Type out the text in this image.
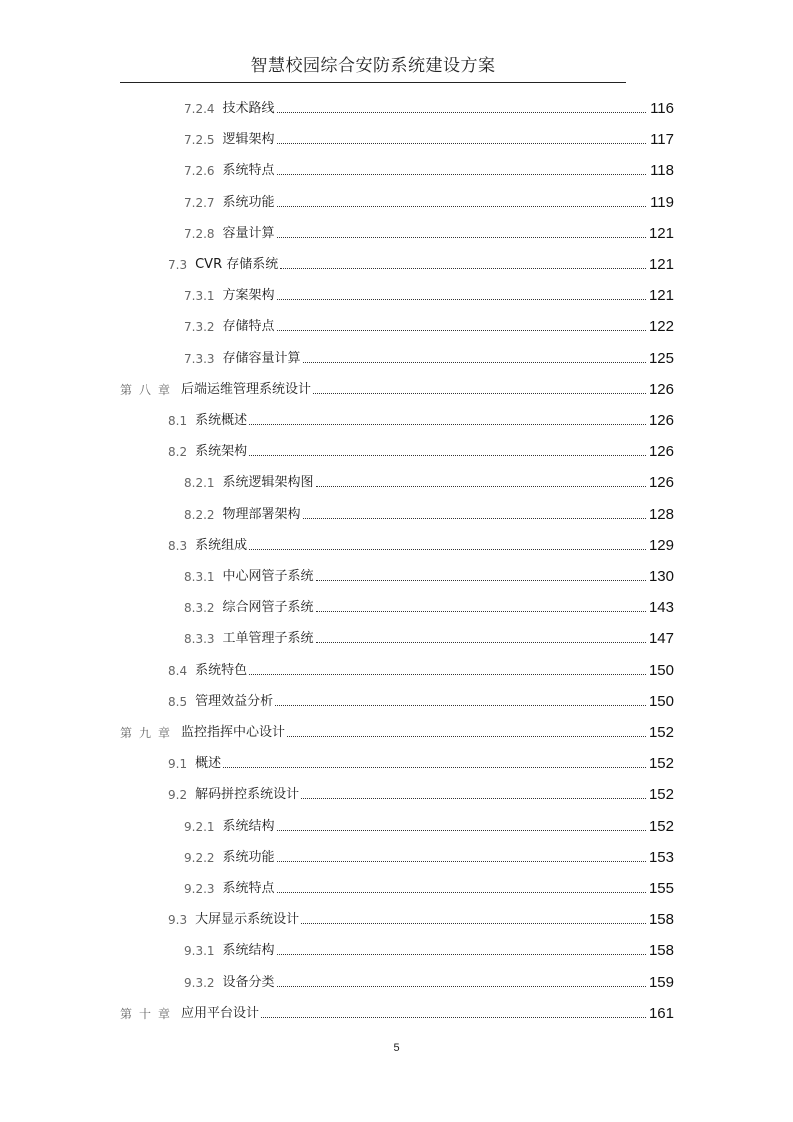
智慧校园综合安防系统建设方案
7.2.4 技术路线	116
7.2.5 逻辑架构	117
7.2.6 系统特点	118
7.2.7 系统功能	119
7.2.8 容量计算	121
7.3 CVR 存储系统	121
7.3.1 方案架构	121
7.3.2 存储特点	122
7.3.3 存储容量计算	125
第八章 后端运维管理系统设计	126
8.1 系统概述	126
8.2 系统架构	126
8.2.1 系统逻辑架构图	126
8.2.2 物理部署架构	128
8.3 系统组成	129
8.3.1 中心网管子系统	130
8.3.2 综合网管子系统	143
8.3.3 工单管理子系统	147
8.4 系统特色	150
8.5 管理效益分析	150
第九章 监控指挥中心设计	152
9.1 概述	152
9.2 解码拼控系统设计	152
9.2.1 系统结构	152
9.2.2 系统功能	153
9.2.3 系统特点	155
9.3 大屏显示系统设计	158
9.3.1 系统结构	158
9.3.2 设备分类	159
第十章 应用平台设计	161
5
